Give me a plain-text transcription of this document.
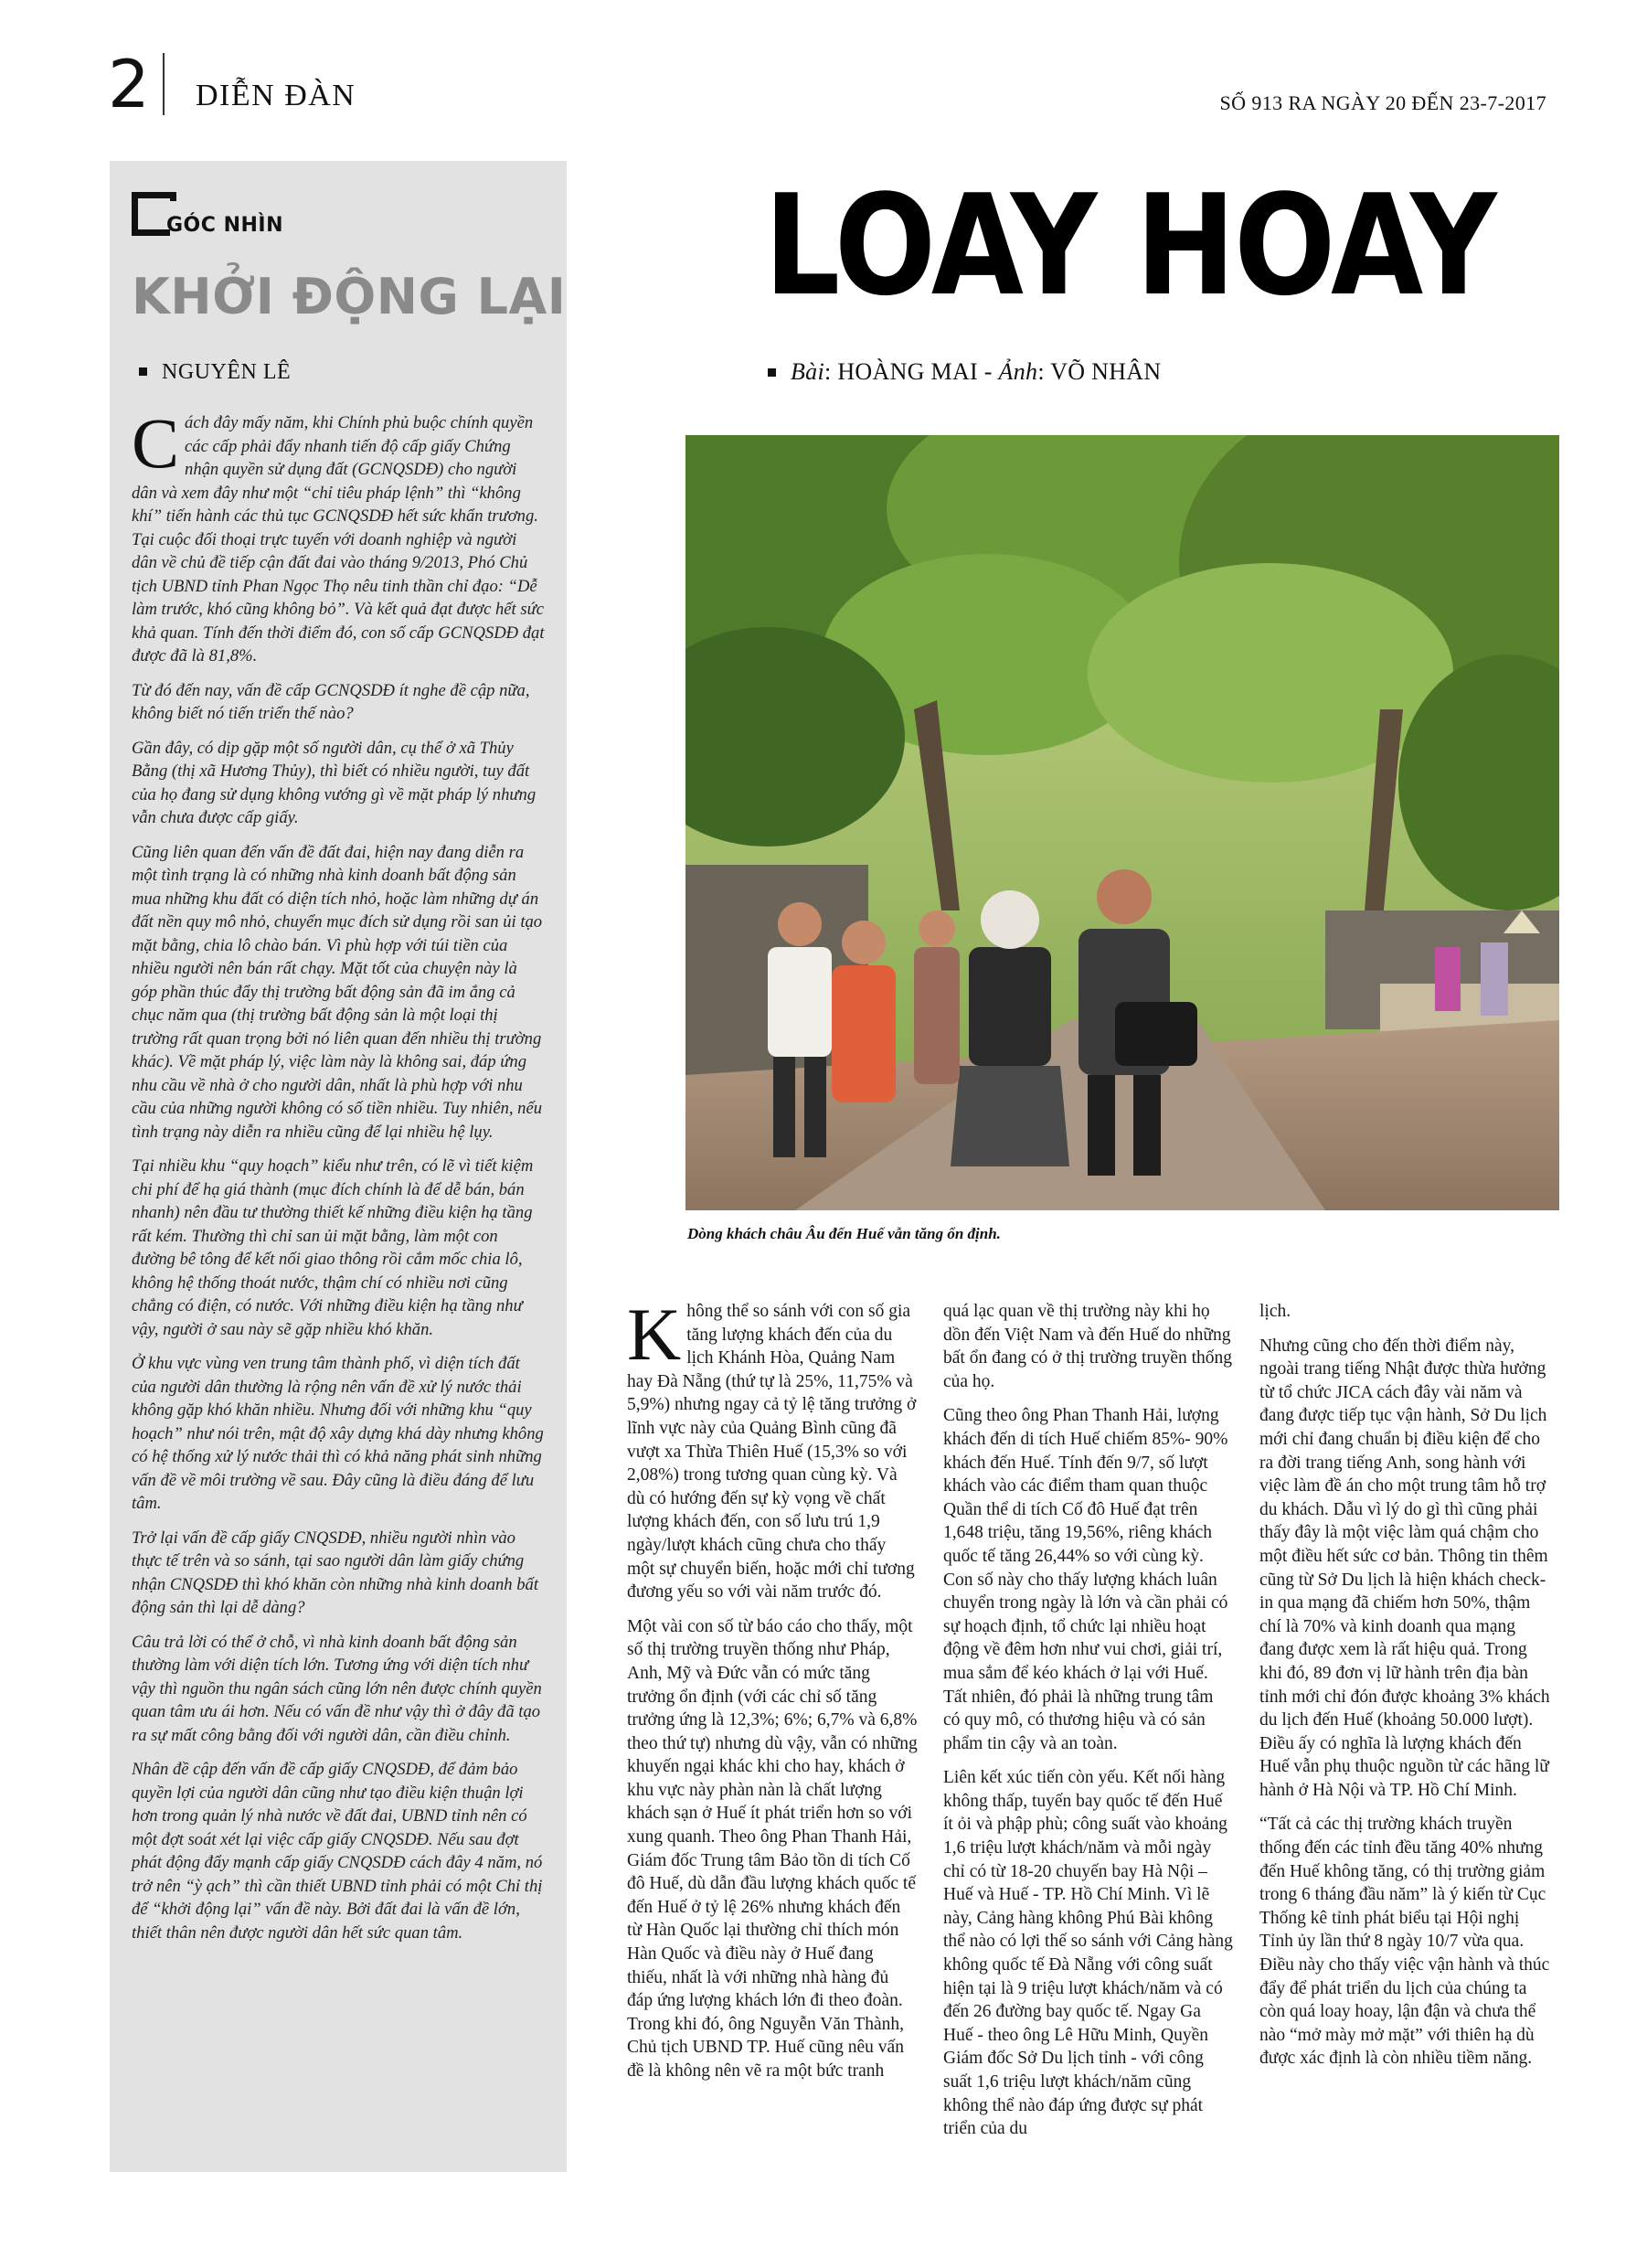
2 DIỄN ĐÀN	SỐ 913 RA NGÀY 20 ĐẾN 23-7-2017
GÓC NHÌN
KHỞI ĐỘNG LẠI
NGUYÊN LÊ

Cách đây mấy năm, khi Chính phủ buộc chính quyền các cấp phải đẩy nhanh tiến độ cấp giấy Chứng nhận quyền sử dụng đất (GCNQSDĐ) cho người dân và xem đây như một “chỉ tiêu pháp lệnh” thì “không khí” tiến hành các thủ tục GCNQSDĐ hết sức khẩn trương. Tại cuộc đối thoại trực tuyến với doanh nghiệp và người dân về chủ đề tiếp cận đất đai vào tháng 9/2013, Phó Chủ tịch UBND tỉnh Phan Ngọc Thọ nêu tinh thần chỉ đạo: “Dễ làm trước, khó cũng không bỏ”. Và kết quả đạt được hết sức khả quan. Tính đến thời điểm đó, con số cấp GCNQSDĐ đạt được đã là 81,8%.

Từ đó đến nay, vấn đề cấp GCNQSDĐ ít nghe đề cập nữa, không biết nó tiến triển thế nào?

Gần đây, có dịp gặp một số người dân, cụ thể ở xã Thủy Bằng (thị xã Hương Thủy), thì biết có nhiều người, tuy đất của họ đang sử dụng không vướng gì về mặt pháp lý nhưng vẫn chưa được cấp giấy.

Cũng liên quan đến vấn đề đất đai, hiện nay đang diễn ra một tình trạng là có những nhà kinh doanh bất động sản mua những khu đất có diện tích nhỏ, hoặc làm những dự án đất nền quy mô nhỏ, chuyển mục đích sử dụng rồi san ủi tạo mặt bằng, chia lô chào bán. Vì phù hợp với túi tiền của nhiều người nên bán rất chạy. Mặt tốt của chuyện này là góp phần thúc đẩy thị trường bất động sản đã im ắng cả chục năm qua (thị trường bất động sản là một loại thị trường rất quan trọng bởi nó liên quan đến nhiều thị trường khác). Về mặt pháp lý, việc làm này là không sai, đáp ứng nhu cầu về nhà ở cho người dân, nhất là phù hợp với nhu cầu của những người không có số tiền nhiều. Tuy nhiên, nếu tình trạng này diễn ra nhiều cũng để lại nhiều hệ lụy.

Tại nhiều khu “quy hoạch” kiểu như trên, có lẽ vì tiết kiệm chi phí để hạ giá thành (mục đích chính là để dễ bán, bán nhanh) nên đầu tư thường thiết kế những điều kiện hạ tầng rất kém. Thường thì chỉ san ủi mặt bằng, làm một con đường bê tông để kết nối giao thông rồi cắm mốc chia lô, không hệ thống thoát nước, thậm chí có nhiều nơi cũng chẳng có điện, có nước. Với những điều kiện hạ tầng như vậy, người ở sau này sẽ gặp nhiều khó khăn.

Ở khu vực vùng ven trung tâm thành phố, vì diện tích đất của người dân thường là rộng nên vấn đề xử lý nước thải không gặp khó khăn nhiều. Nhưng đối với những khu “quy hoạch” như nói trên, mật độ xây dựng khá dày nhưng không có hệ thống xử lý nước thải thì có khả năng phát sinh những vấn đề về môi trường về sau. Đây cũng là điều đáng để lưu tâm.

Trở lại vấn đề cấp giấy CNQSDĐ, nhiều người nhìn vào thực tế trên và so sánh, tại sao người dân làm giấy chứng nhận CNQSDĐ thì khó khăn còn những nhà kinh doanh bất động sản thì lại dễ dàng?

Câu trả lời có thể ở chỗ, vì nhà kinh doanh bất động sản thường làm với diện tích lớn. Tương ứng với diện tích như vậy thì nguồn thu ngân sách cũng lớn nên được chính quyền quan tâm ưu ái hơn. Nếu có vấn đề như vậy thì ở đây đã tạo ra sự mất công bằng đối với người dân, cần điều chỉnh.

Nhân đề cập đến vấn đề cấp giấy CNQSDĐ, để đảm bảo quyền lợi của người dân cũng như tạo điều kiện thuận lợi hơn trong quản lý nhà nước về đất đai, UBND tỉnh nên có một đợt soát xét lại việc cấp giấy CNQSDĐ. Nếu sau đợt phát động đẩy mạnh cấp giấy CNQSDĐ cách đây 4 năm, nó trở nên “ỳ ạch” thì cần thiết UBND tỉnh phải có một Chỉ thị để “khởi động lại” vấn đề này. Bởi đất đai là vấn đề lớn, thiết thân nên được người dân hết sức quan tâm.

LOAY HOAY
Bài: HOÀNG MAI - Ảnh: VÕ NHÂN
Dòng khách châu Âu đến Huế vẫn tăng ổn định.

Không thể so sánh với con số gia tăng lượng khách đến của du lịch Khánh Hòa, Quảng Nam hay Đà Nẵng (thứ tự là 25%, 11,75% và 5,9%) nhưng ngay cả tỷ lệ tăng trưởng ở lĩnh vực này của Quảng Bình cũng đã vượt xa Thừa Thiên Huế (15,3% so với 2,08%) trong tương quan cùng kỳ. Và dù có hướng đến sự kỳ vọng về chất lượng khách đến, con số lưu trú 1,9 ngày/lượt khách cũng chưa cho thấy một sự chuyển biến, hoặc mới chỉ tương đương yếu so với vài năm trước đó.

Một vài con số từ báo cáo cho thấy, một số thị trường truyền thống như Pháp, Anh, Mỹ và Đức vẫn có mức tăng trưởng ổn định (với các chỉ số tăng trưởng ứng là 12,3%; 6%; 6,7% và 6,8% theo thứ tự) nhưng dù vậy, vẫn có những khuyến ngại khác khi cho hay, khách ở khu vực này phàn nàn là chất lượng khách sạn ở Huế ít phát triển hơn so với xung quanh. Theo ông Phan Thanh Hải, Giám đốc Trung tâm Bảo tồn di tích Cố đô Huế, dù dẫn đầu lượng khách quốc tế đến Huế ở tỷ lệ 26% nhưng khách đến từ Hàn Quốc lại thường chỉ thích món Hàn Quốc và điều này ở Huế đang thiếu, nhất là với những nhà hàng đủ đáp ứng lượng khách lớn đi theo đoàn. Trong khi đó, ông Nguyễn Văn Thành, Chủ tịch UBND TP. Huế cũng nêu vấn đề là không nên vẽ ra một bức tranh

quá lạc quan về thị trường này khi họ dồn đến Việt Nam và đến Huế do những bất ổn đang có ở thị trường truyền thống của họ.

Cũng theo ông Phan Thanh Hải, lượng khách đến di tích Huế chiếm 85%- 90% khách đến Huế. Tính đến 9/7, số lượt khách vào các điểm tham quan thuộc Quần thể di tích Cố đô Huế đạt trên 1,648 triệu, tăng 19,56%, riêng khách quốc tế tăng 26,44% so với cùng kỳ. Con số này cho thấy lượng khách luân chuyển trong ngày là lớn và cần phải có sự hoạch định, tổ chức lại nhiều hoạt động về đêm hơn như vui chơi, giải trí, mua sắm để kéo khách ở lại với Huế. Tất nhiên, đó phải là những trung tâm có quy mô, có thương hiệu và có sản phẩm tin cậy và an toàn.

Liên kết xúc tiến còn yếu. Kết nối hàng không thấp, tuyến bay quốc tế đến Huế ít ỏi và phập phù; công suất vào khoảng 1,6 triệu lượt khách/năm và mỗi ngày chỉ có từ 18-20 chuyến bay Hà Nội – Huế và Huế - TP. Hồ Chí Minh. Vì lẽ này, Cảng hàng không Phú Bài không thể nào có lợi thế so sánh với Cảng hàng không quốc tế Đà Nẵng với công suất hiện tại là 9 triệu lượt khách/năm và có đến 26 đường bay quốc tế. Ngay Ga Huế - theo ông Lê Hữu Minh, Quyền Giám đốc Sở Du lịch tỉnh - với công suất 1,6 triệu lượt khách/năm cũng không thể nào đáp ứng được sự phát triển của du

lịch.

Nhưng cũng cho đến thời điểm này, ngoài trang tiếng Nhật được thừa hưởng từ tổ chức JICA cách đây vài năm và đang được tiếp tục vận hành, Sở Du lịch mới chỉ đang chuẩn bị điều kiện để cho ra đời trang tiếng Anh, song hành với việc làm đề án cho một trung tâm hỗ trợ du khách. Dẫu vì lý do gì thì cũng phải thấy đây là một việc làm quá chậm cho một điều hết sức cơ bản. Thông tin thêm cũng từ Sở Du lịch là hiện khách check-in qua mạng đã chiếm hơn 50%, thậm chí là 70% và kinh doanh qua mạng đang được xem là rất hiệu quả. Trong khi đó, 89 đơn vị lữ hành trên địa bàn tỉnh mới chỉ đón được khoảng 3% khách du lịch đến Huế (khoảng 50.000 lượt). Điều ấy có nghĩa là lượng khách đến Huế vẫn phụ thuộc nguồn từ các hãng lữ hành ở Hà Nội và TP. Hồ Chí Minh.

“Tất cả các thị trường khách truyền thống đến các tỉnh đều tăng 40% nhưng đến Huế không tăng, có thị trường giảm trong 6 tháng đầu năm” là ý kiến từ Cục Thống kê tỉnh phát biểu tại Hội nghị Tỉnh ủy lần thứ 8 ngày 10/7 vừa qua. Điều này cho thấy việc vận hành và thúc đẩy để phát triển du lịch của chúng ta còn quá loay hoay, lận đận và chưa thể nào “mở mày mở mặt” với thiên hạ dù được xác định là còn nhiều tiềm năng.
